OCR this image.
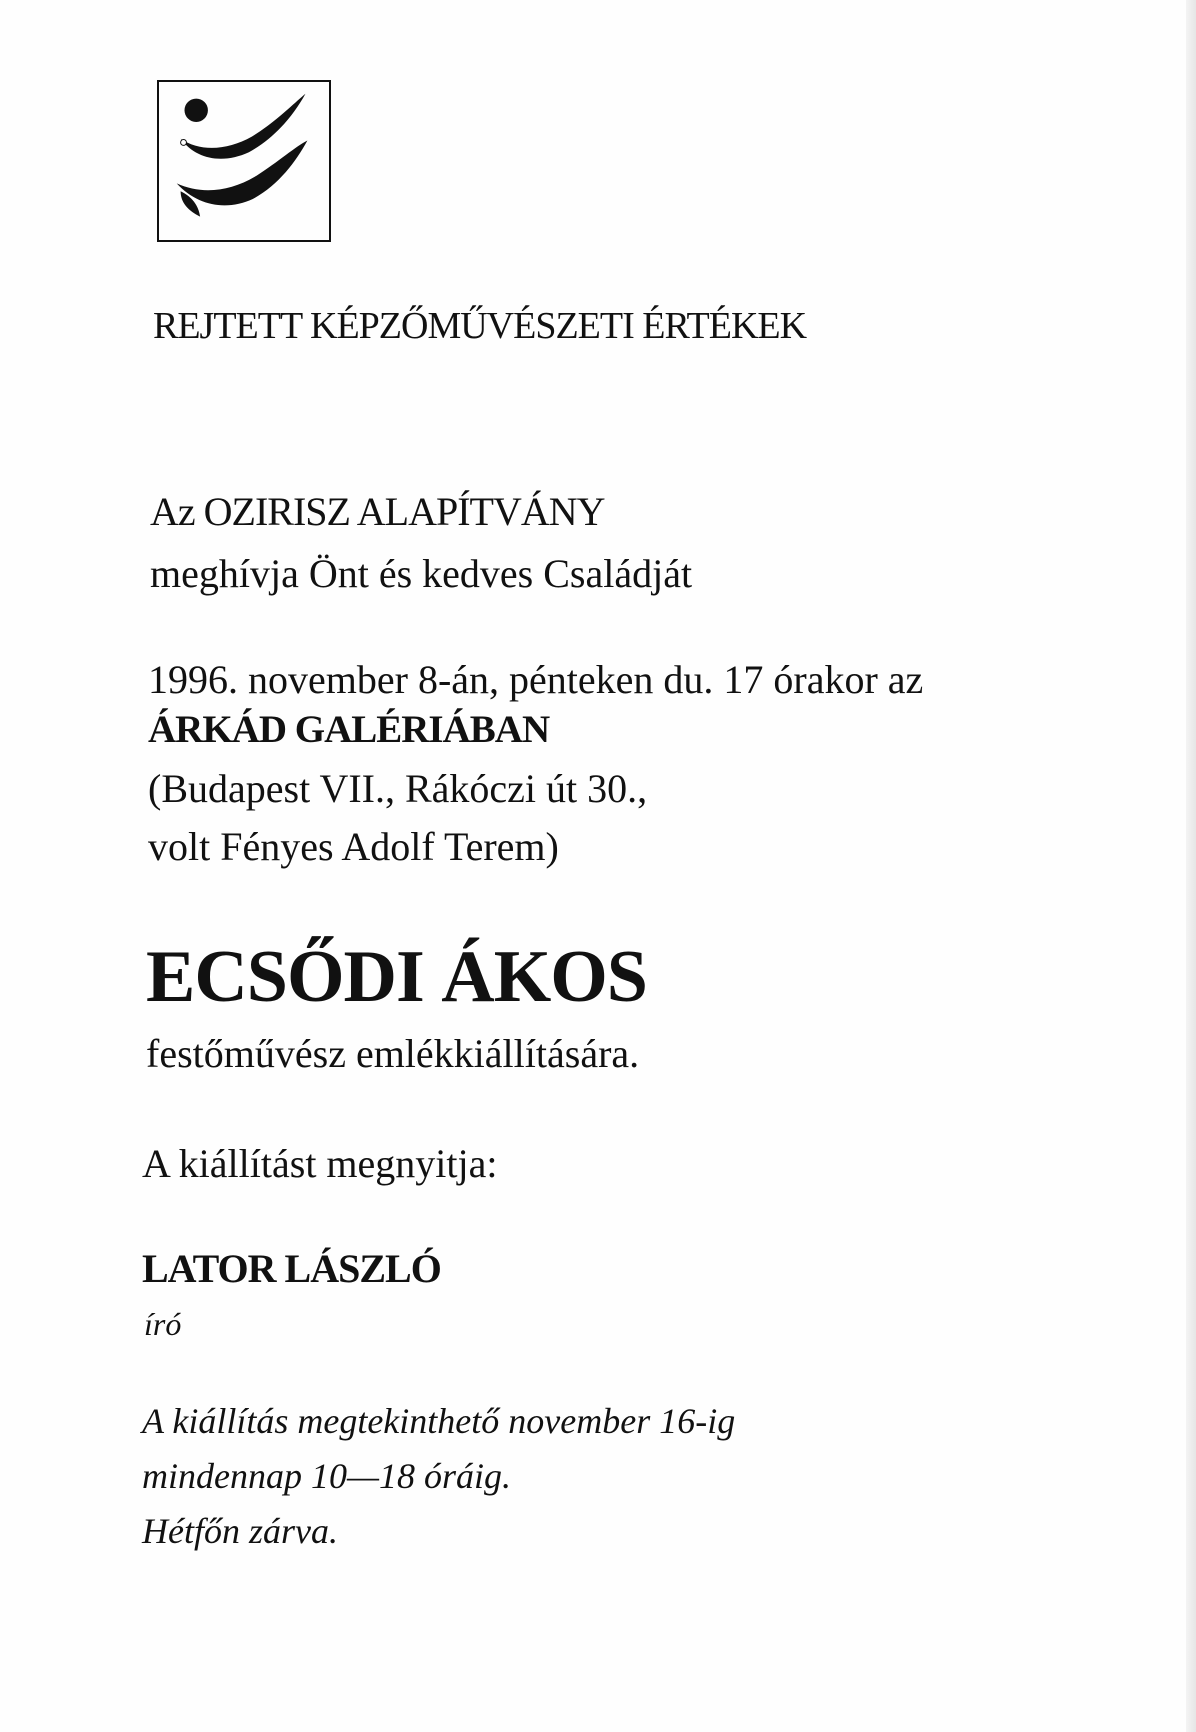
REJTETT KÉPZŐMŰVÉSZETI ÉRTÉKEK

Az OZIRISZ ALAPÍTVÁNY

meghívja Önt és kedves Családját

1996. november 8-án, pénteken du. 17 órakor az

ÁRKÁD GALÉRIÁBAN

(Budapest VII., Rákóczi út 30.,

volt Fényes Adolf Terem)

ECSŐDI ÁKOS

festőművész emlékkiállítására.

A kiállítást megnyitja:

LATOR LÁSZLÓ

író

A kiállítás megtekinthető november 16-ig

mindennap 10—18 óráig.

Hétfőn zárva.
